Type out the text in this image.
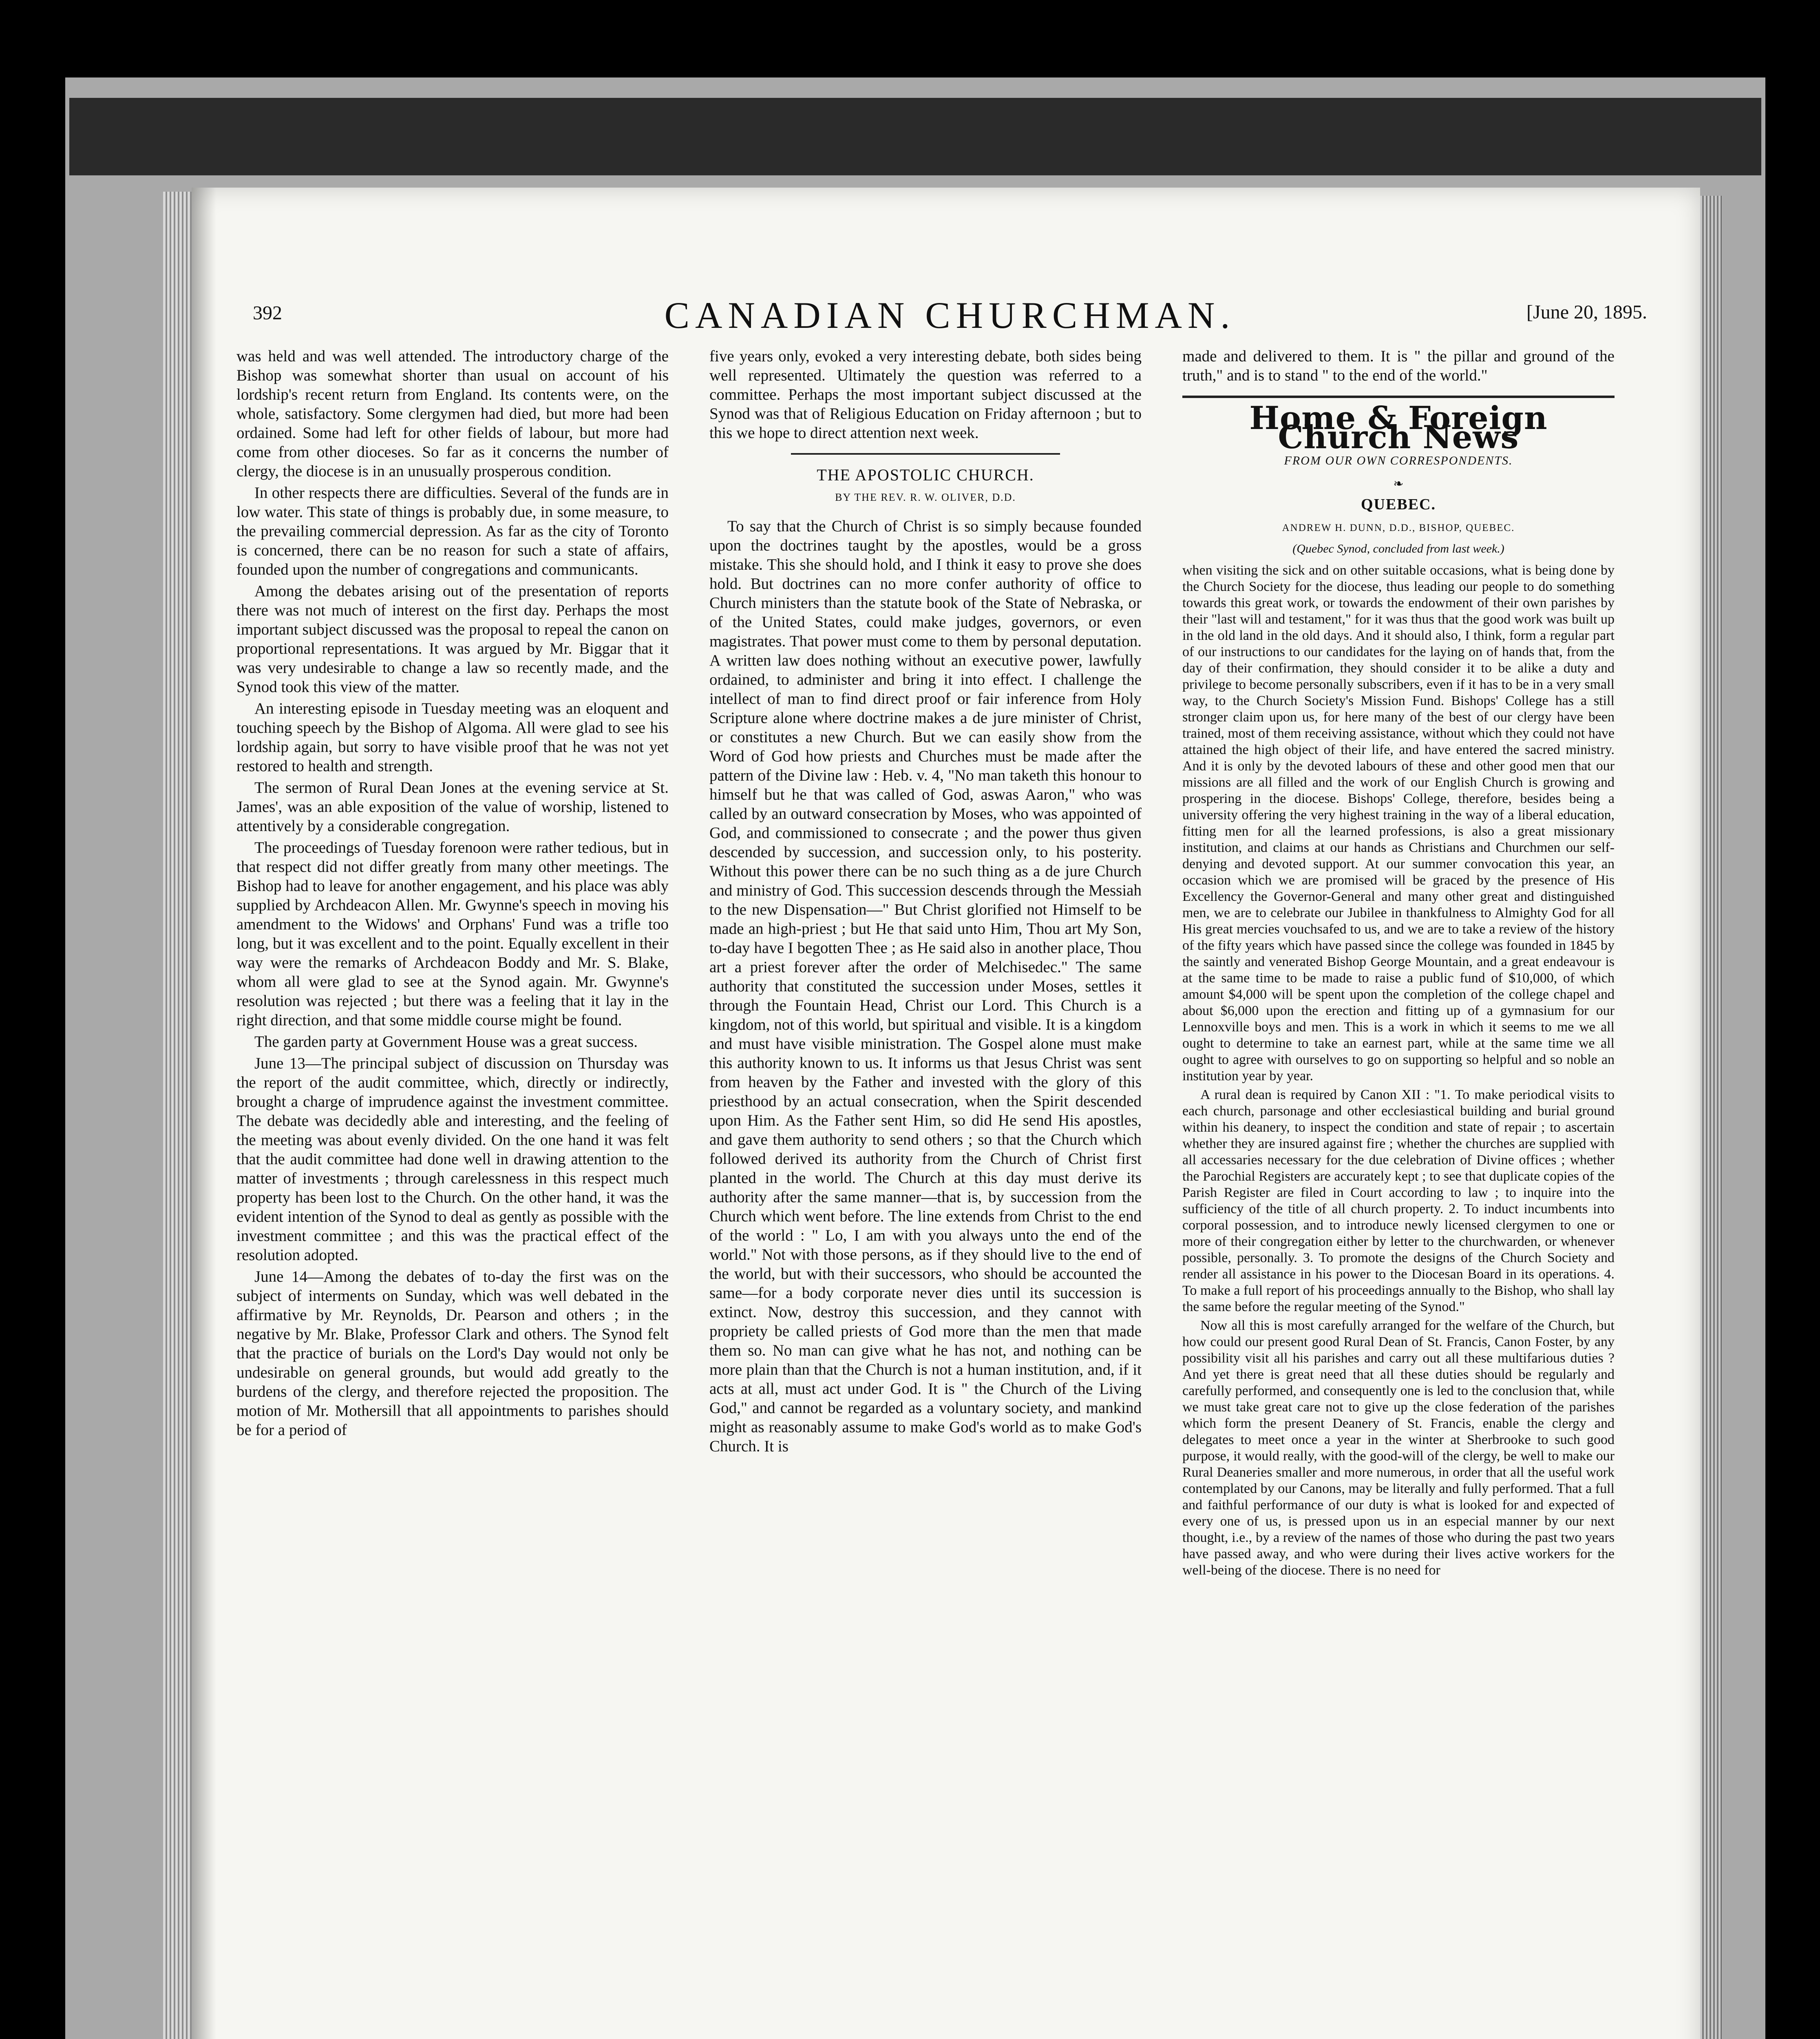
392	CANADIAN CHURCHMAN.	[June 20, 1895.

was held and was well attended. The introductory charge of the Bishop was somewhat shorter than usual on account of his lordship's recent return from England. Its contents were, on the whole, satisfactory. Some clergymen had died, but more had been ordained. Some had left for other fields of labour, but more had come from other dioceses. So far as it concerns the number of clergy, the diocese is in an unusually prosperous condition.

In other respects there are difficulties. Several of the funds are in low water. This state of things is probably due, in some measure, to the prevailing commercial depression. As far as the city of Toronto is concerned, there can be no reason for such a state of affairs, founded upon the number of congregations and communicants.

Among the debates arising out of the presentation of reports there was not much of interest on the first day. Perhaps the most important subject discussed was the proposal to repeal the canon on proportional representations. It was argued by Mr. Biggar that it was very undesirable to change a law so recently made, and the Synod took this view of the matter.

An interesting episode in Tuesday meeting was an eloquent and touching speech by the Bishop of Algoma. All were glad to see his lordship again, but sorry to have visible proof that he was not yet restored to health and strength.

The sermon of Rural Dean Jones at the evening service at St. James', was an able exposition of the value of worship, listened to attentively by a considerable congregation.

The proceedings of Tuesday forenoon were rather tedious, but in that respect did not differ greatly from many other meetings. The Bishop had to leave for another engagement, and his place was ably supplied by Archdeacon Allen. Mr. Gwynne's speech in moving his amendment to the Widows' and Orphans' Fund was a trifle too long, but it was excellent and to the point. Equally excellent in their way were the remarks of Archdeacon Boddy and Mr. S. Blake, whom all were glad to see at the Synod again. Mr. Gwynne's resolution was rejected ; but there was a feeling that it lay in the right direction, and that some middle course might be found.

The garden party at Government House was a great success.

June 13—The principal subject of discussion on Thursday was the report of the audit committee, which, directly or indirectly, brought a charge of imprudence against the investment committee. The debate was decidedly able and interesting, and the feeling of the meeting was about evenly divided. On the one hand it was felt that the audit committee had done well in drawing attention to the matter of investments ; through carelessness in this respect much property has been lost to the Church. On the other hand, it was the evident intention of the Synod to deal as gently as possible with the investment committee ; and this was the practical effect of the resolution adopted.

June 14—Among the debates of to-day the first was on the subject of interments on Sunday, which was well debated in the affirmative by Mr. Reynolds, Dr. Pearson and others ; in the negative by Mr. Blake, Professor Clark and others. The Synod felt that the practice of burials on the Lord's Day would not only be undesirable on general grounds, but would add greatly to the burdens of the clergy, and therefore rejected the proposition. The motion of Mr. Mothersill that all appointments to parishes should be for a period of

five years only, evoked a very interesting debate, both sides being well represented. Ultimately the question was referred to a committee. Perhaps the most important subject discussed at the Synod was that of Religious Education on Friday afternoon ; but to this we hope to direct attention next week.

THE APOSTOLIC CHURCH.
BY THE REV. R. W. OLIVER, D.D.

To say that the Church of Christ is so simply because founded upon the doctrines taught by the apostles, would be a gross mistake. This she should hold, and I think it easy to prove she does hold. But doctrines can no more confer authority of office to Church ministers than the statute book of the State of Nebraska, or of the United States, could make judges, governors, or even magistrates. That power must come to them by personal deputation. A written law does nothing without an executive power, lawfully ordained, to administer and bring it into effect. I challenge the intellect of man to find direct proof or fair inference from Holy Scripture alone where doctrine makes a de jure minister of Christ, or constitutes a new Church. But we can easily show from the Word of God how priests and Churches must be made after the pattern of the Divine law : Heb. v. 4, "No man taketh this honour to himself but he that was called of God, aswas Aaron," who was called by an outward consecration by Moses, who was appointed of God, and commissioned to consecrate ; and the power thus given descended by succession, and succession only, to his posterity. Without this power there can be no such thing as a de jure Church and ministry of God. This succession descends through the Messiah to the new Dispensation—" But Christ glorified not Himself to be made an high-priest ; but He that said unto Him, Thou art My Son, to-day have I begotten Thee ; as He said also in another place, Thou art a priest forever after the order of Melchisedec." The same authority that constituted the succession under Moses, settles it through the Fountain Head, Christ our Lord. This Church is a kingdom, not of this world, but spiritual and visible. It is a kingdom and must have visible ministration. The Gospel alone must make this authority known to us. It informs us that Jesus Christ was sent from heaven by the Father and invested with the glory of this priesthood by an actual consecration, when the Spirit descended upon Him. As the Father sent Him, so did He send His apostles, and gave them authority to send others ; so that the Church which followed derived its authority from the Church of Christ first planted in the world. The Church at this day must derive its authority after the same manner—that is, by succession from the Church which went before. The line extends from Christ to the end of the world : " Lo, I am with you always unto the end of the world." Not with those persons, as if they should live to the end of the world, but with their successors, who should be accounted the same—for a body corporate never dies until its succession is extinct. Now, destroy this succession, and they cannot with propriety be called priests of God more than the men that made them so. No man can give what he has not, and nothing can be more plain than that the Church is not a human institution, and, if it acts at all, must act under God. It is " the Church of the Living God," and cannot be regarded as a voluntary society, and mankind might as reasonably assume to make God's world as to make God's Church. It is

made and delivered to them. It is " the pillar and ground of the truth," and is to stand " to the end of the world."

Home & Foreign Church News
FROM OUR OWN CORRESPONDENTS.
❧
QUEBEC.
ANDREW H. DUNN, D.D., BISHOP, QUEBEC.
(Quebec Synod, concluded from last week.)

when visiting the sick and on other suitable occasions, what is being done by the Church Society for the diocese, thus leading our people to do something towards this great work, or towards the endowment of their own parishes by their "last will and testament," for it was thus that the good work was built up in the old land in the old days. And it should also, I think, form a regular part of our instructions to our candidates for the laying on of hands that, from the day of their confirmation, they should consider it to be alike a duty and privilege to become personally subscribers, even if it has to be in a very small way, to the Church Society's Mission Fund. Bishops' College has a still stronger claim upon us, for here many of the best of our clergy have been trained, most of them receiving assistance, without which they could not have attained the high object of their life, and have entered the sacred ministry. And it is only by the devoted labours of these and other good men that our missions are all filled and the work of our English Church is growing and prospering in the diocese. Bishops' College, therefore, besides being a university offering the very highest training in the way of a liberal education, fitting men for all the learned professions, is also a great missionary institution, and claims at our hands as Christians and Churchmen our self-denying and devoted support. At our summer convocation this year, an occasion which we are promised will be graced by the presence of His Excellency the Governor-General and many other great and distinguished men, we are to celebrate our Jubilee in thankfulness to Almighty God for all His great mercies vouchsafed to us, and we are to take a review of the history of the fifty years which have passed since the college was founded in 1845 by the saintly and venerated Bishop George Mountain, and a great endeavour is at the same time to be made to raise a public fund of $10,000, of which amount $4,000 will be spent upon the completion of the college chapel and about $6,000 upon the erection and fitting up of a gymnasium for our Lennoxville boys and men. This is a work in which it seems to me we all ought to determine to take an earnest part, while at the same time we all ought to agree with ourselves to go on supporting so helpful and so noble an institution year by year.

A rural dean is required by Canon XII : "1. To make periodical visits to each church, parsonage and other ecclesiastical building and burial ground within his deanery, to inspect the condition and state of repair ; to ascertain whether they are insured against fire ; whether the churches are supplied with all accessaries necessary for the due celebration of Divine offices ; whether the Parochial Registers are accurately kept ; to see that duplicate copies of the Parish Register are filed in Court according to law ; to inquire into the sufficiency of the title of all church property. 2. To induct incumbents into corporal possession, and to introduce newly licensed clergymen to one or more of their congregation either by letter to the churchwarden, or whenever possible, personally. 3. To promote the designs of the Church Society and render all assistance in his power to the Diocesan Board in its operations. 4. To make a full report of his proceedings annually to the Bishop, who shall lay the same before the regular meeting of the Synod."

Now all this is most carefully arranged for the welfare of the Church, but how could our present good Rural Dean of St. Francis, Canon Foster, by any possibility visit all his parishes and carry out all these multifarious duties ? And yet there is great need that all these duties should be regularly and carefully performed, and consequently one is led to the conclusion that, while we must take great care not to give up the close federation of the parishes which form the present Deanery of St. Francis, enable the clergy and delegates to meet once a year in the winter at Sherbrooke to such good purpose, it would really, with the good-will of the clergy, be well to make our Rural Deaneries smaller and more numerous, in order that all the useful work contemplated by our Canons, may be literally and fully performed. That a full and faithful performance of our duty is what is looked for and expected of every one of us, is pressed upon us in an especial manner by our next thought, i.e., by a review of the names of those who during the past two years have passed away, and who were during their lives active workers for the well-being of the diocese. There is no need for
